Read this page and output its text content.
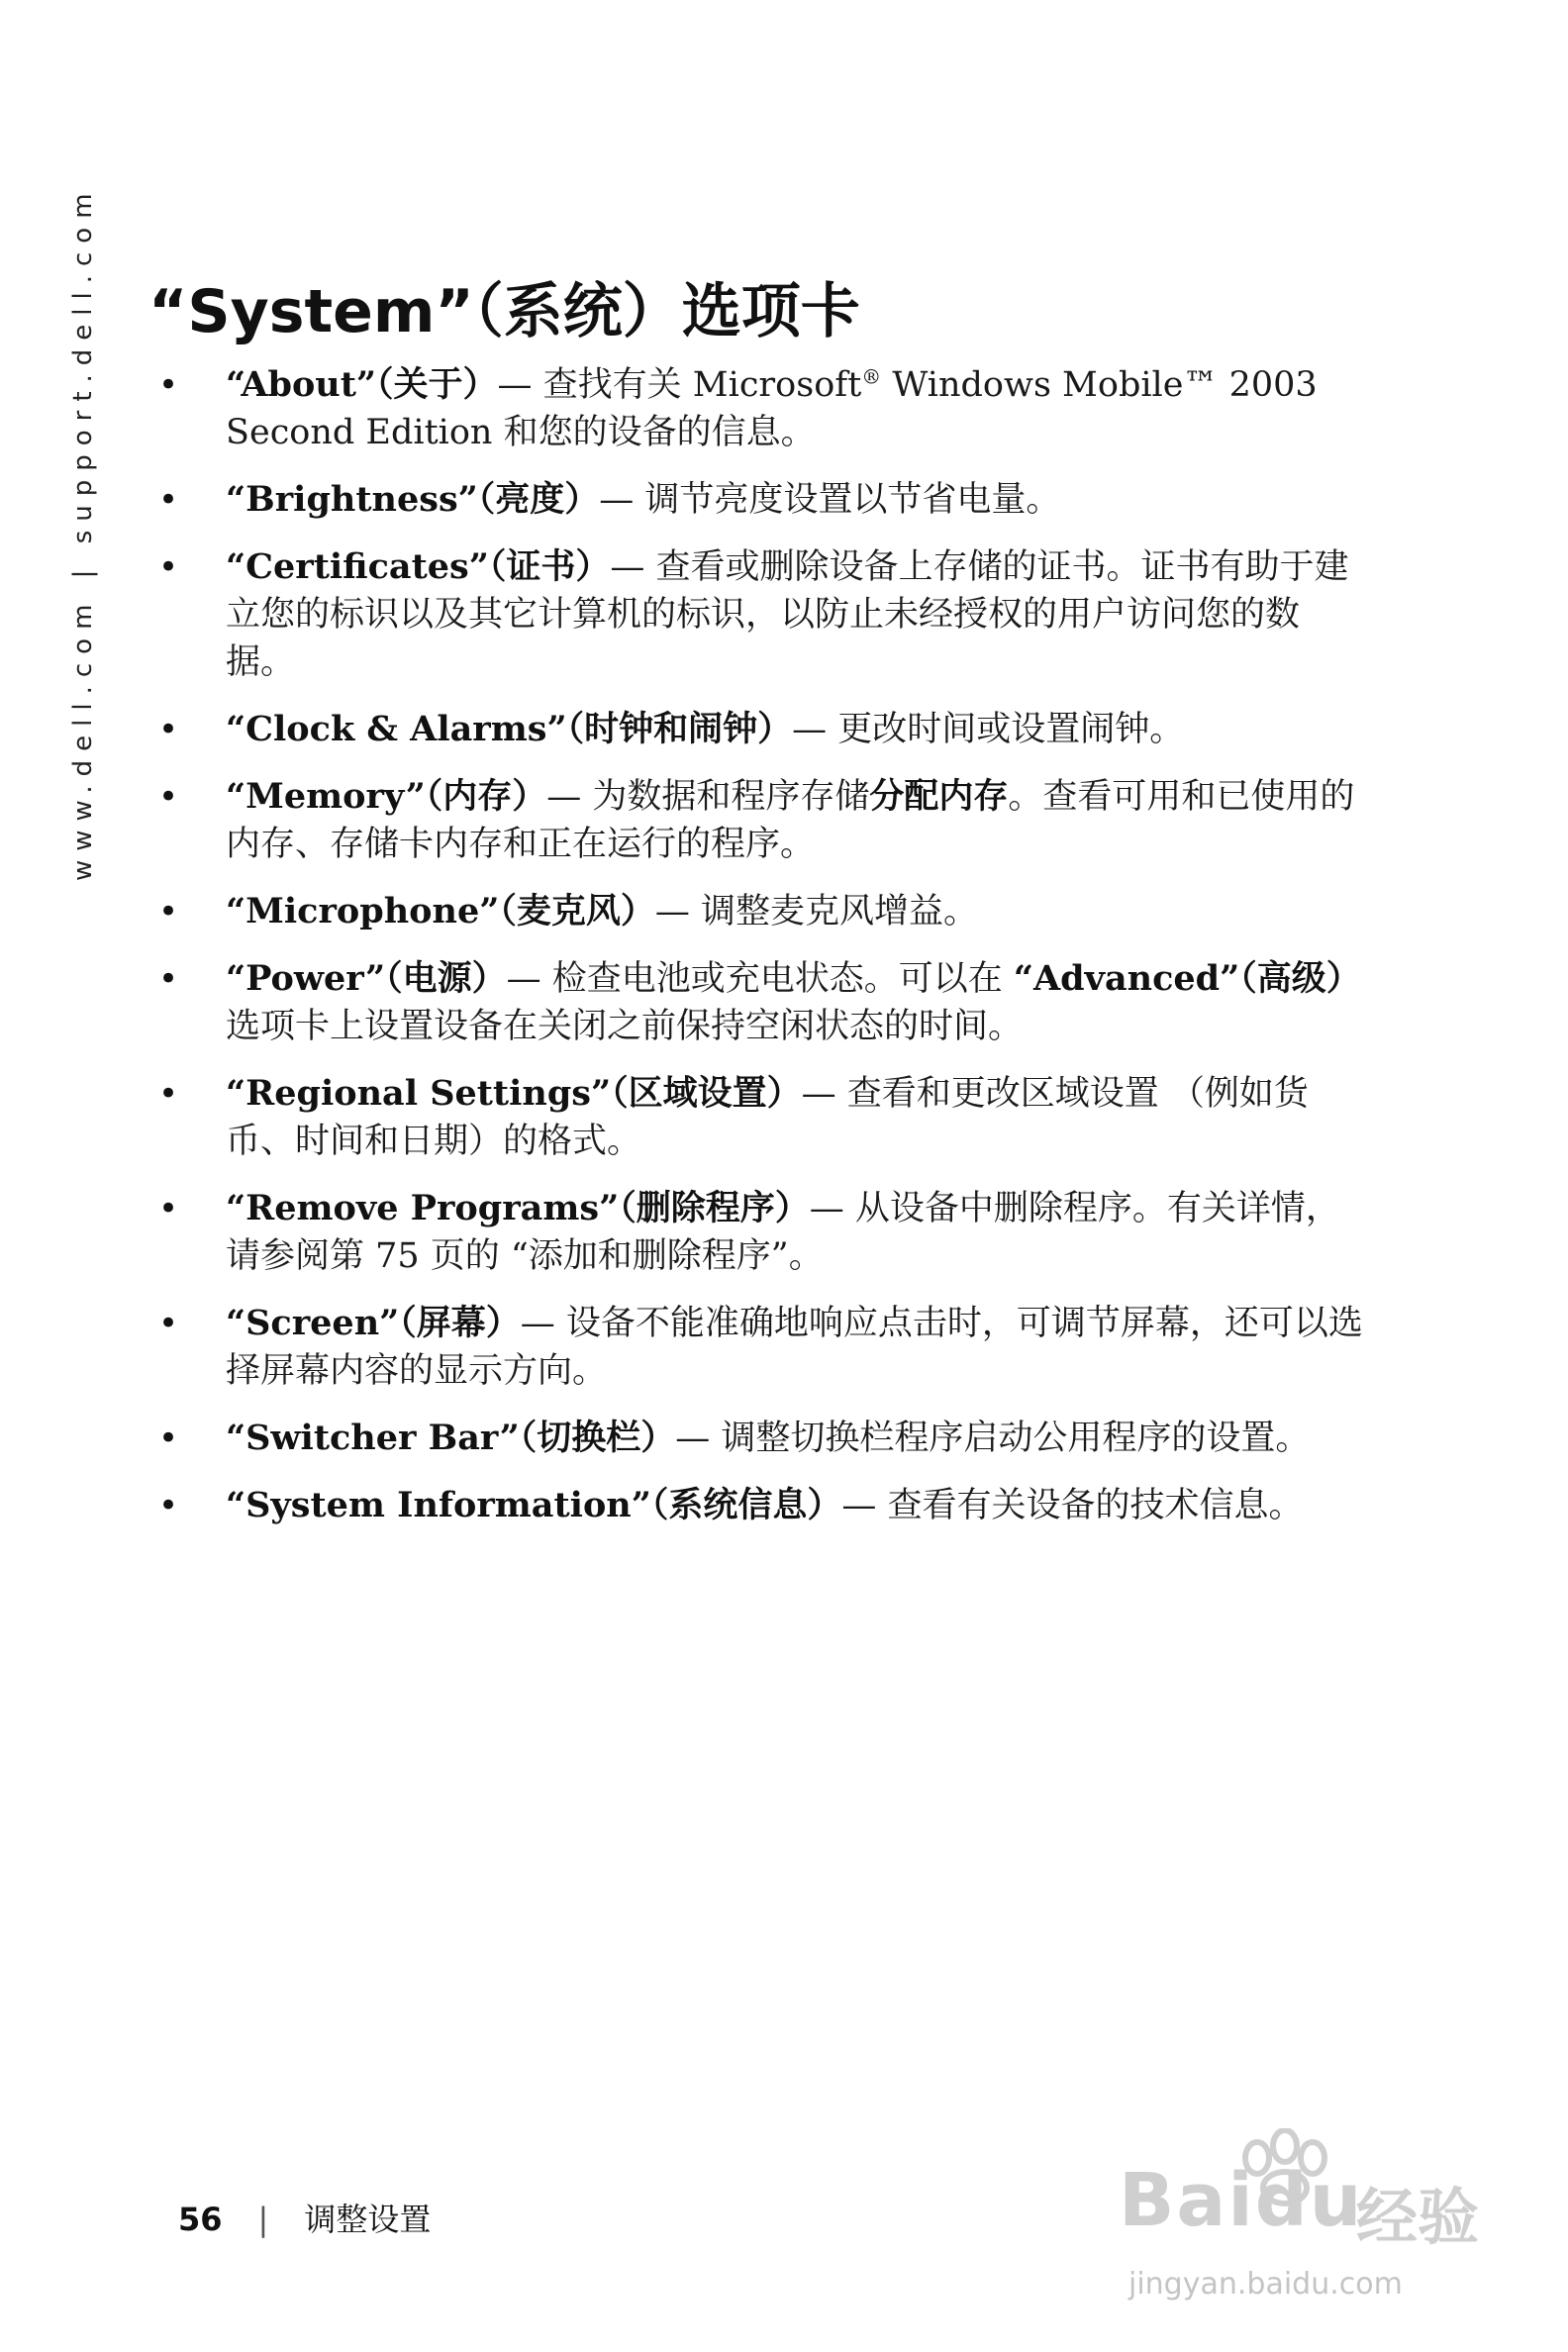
www.dell.com | support.dell.com “System”（系统）选项卡
• “About”（关于）— 查找有关 Microsoft® Windows Mobile™ 2003 Second Edition 和您的设备的信息。
• “Brightness”（亮度）— 调节亮度设置以节省电量。
• “Certificates”（证书）— 查看或删除设备上存储的证书。证书有助于建立您的标识以及其它计算机的标识，以防止未经授权的用户访问您的数据。
• “Clock & Alarms”（时钟和闹钟）— 更改时间或设置闹钟。
• “Memory”（内存）— 为数据和程序存储分配内存。查看可用和已使用的内存、存储卡内存和正在运行的程序。
• “Microphone”（麦克风）— 调整麦克风增益。
• “Power”（电源）— 检查电池或充电状态。可以在 “Advanced”（高级）选项卡上设置设备在关闭之前保持空闲状态的时间。
• “Regional Settings”（区域设置）— 查看和更改区域设置 （例如货币、时间和日期）的格式。
• “Remove Programs”（删除程序）— 从设备中删除程序。有关详情，请参阅第 75 页的 “添加和删除程序”。
• “Screen”（屏幕）— 设备不能准确地响应点击时，可调节屏幕，还可以选择屏幕内容的显示方向。
• “Switcher Bar”（切换栏）— 调整切换栏程序启动公用程序的设置。
• “System Information”（系统信息）— 查看有关设备的技术信息。
56 | 调整设置	Baidu
经验
jingyan.baidu.com
